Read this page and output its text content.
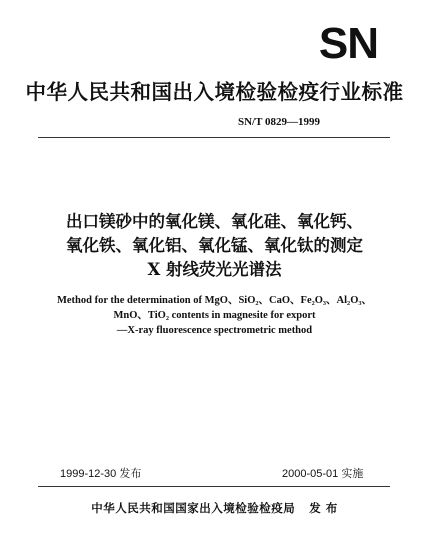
SN
中华人民共和国出入境检验检疫行业标准
SN/T 0829—1999
出口镁砂中的氧化镁、氧化硅、氧化钙、
氧化铁、氧化铝、氧化锰、氧化钛的测定
X 射线荧光光谱法
Method for the determination of MgO、SiO₂、CaO、Fe₂O₃、Al₂O₃、
MnO、TiO₂ contents in magnesite for export
—X-ray fluorescence spectrometric method
1999-12-30 发布	2000-05-01 实施
中华人民共和国国家出入境检验检疫局 发 布
